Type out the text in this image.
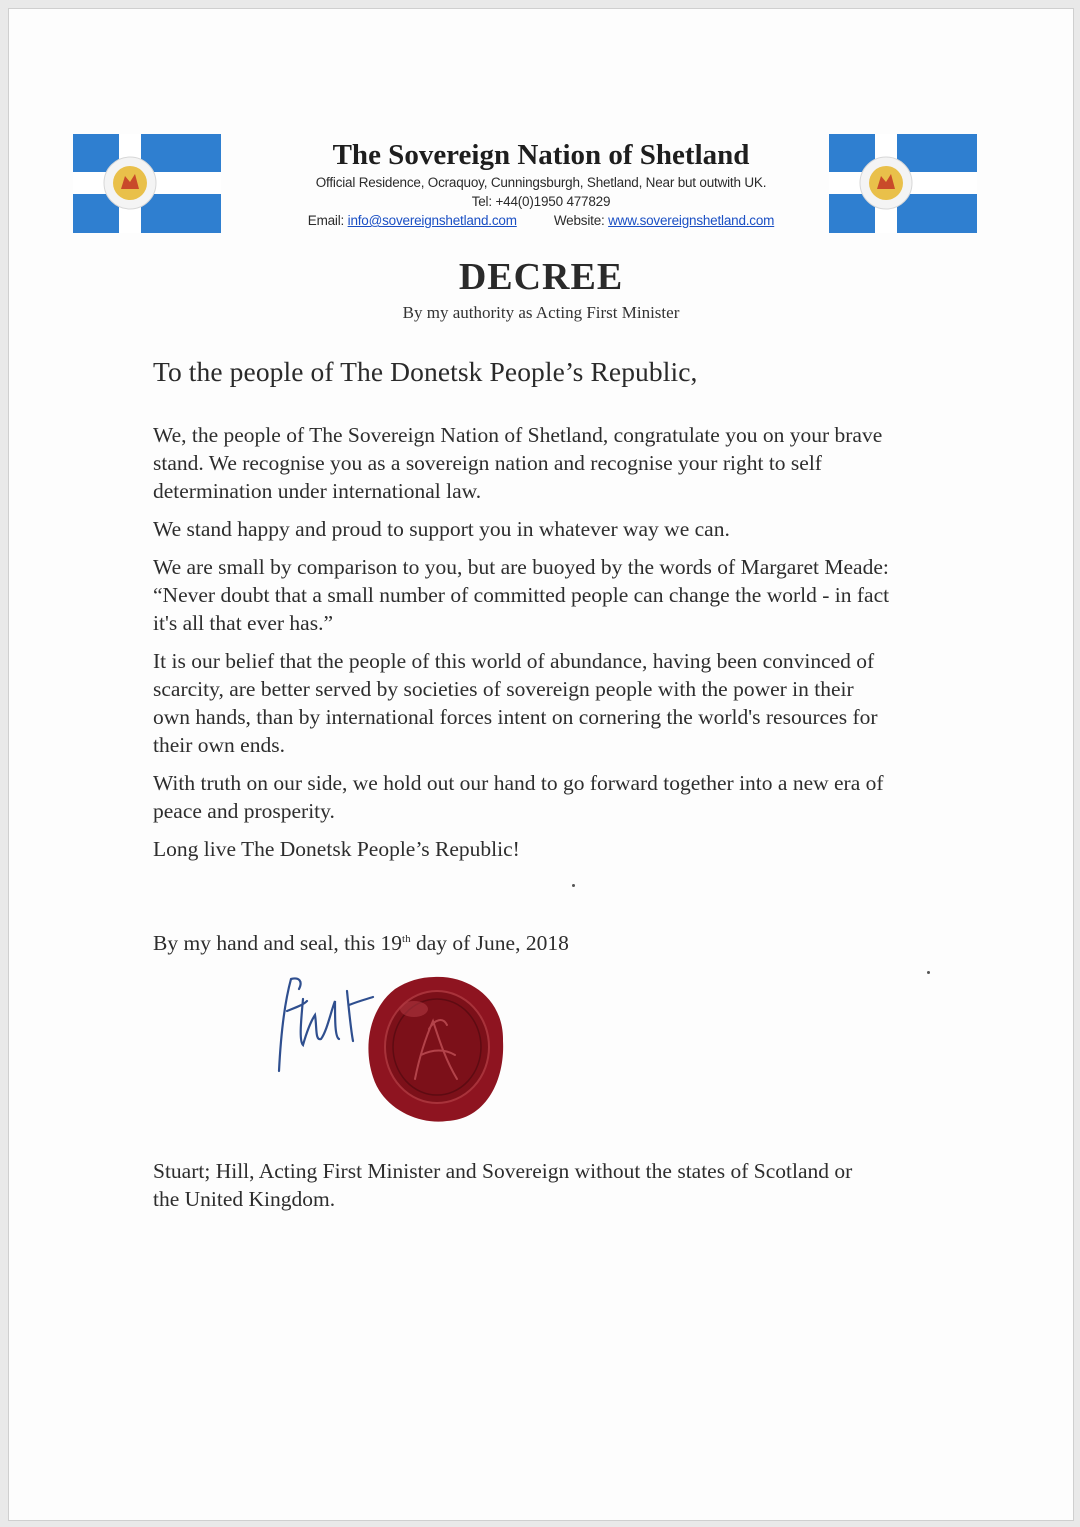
The Sovereign Nation of Shetland
Official Residence, Ocraquoy, Cunningsburgh, Shetland, Near but outwith UK.
Tel: +44(0)1950 477829
Email: info@sovereignshetland.com	Website: www.sovereignshetland.com
DECREE
By my authority as Acting First Minister
To the people of The Donetsk People’s Republic,

We, the people of The Sovereign Nation of Shetland, congratulate you on your brave stand. We recognise you as a sovereign nation and recognise your right to self determination under international law.

We stand happy and proud to support you in whatever way we can.

We are small by comparison to you, but are buoyed by the words of Margaret Meade: “Never doubt that a small number of committed people can change the world - in fact it's all that ever has.”

It is our belief that the people of this world of abundance, having been convinced of scarcity, are better served by societies of sovereign people with the power in their own hands, than by international forces intent on cornering the world's resources for their own ends.

With truth on our side, we hold out our hand to go forward together into a new era of peace and prosperity.

Long live The Donetsk People’s Republic!

By my hand and seal, this 19th day of June, 2018
Stuart; Hill, Acting First Minister and Sovereign without the states of Scotland or the United Kingdom.
